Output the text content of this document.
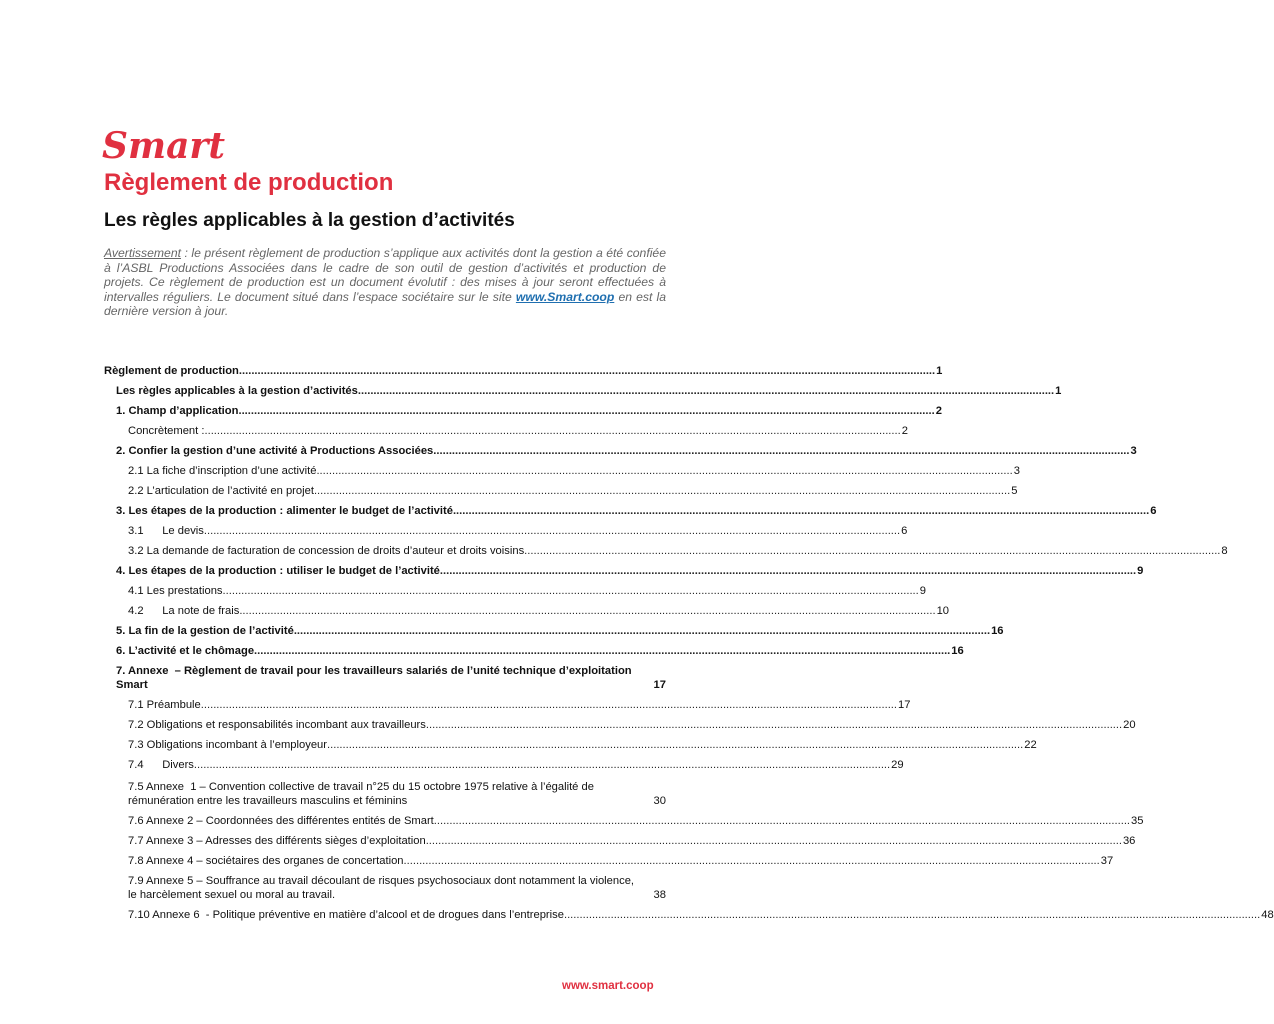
Smart
Règlement de production
Les règles applicables à la gestion d’activités

Avertissement : le présent règlement de production s’applique aux activités dont la gestion a été confiée à l’ASBL Productions Associées dans le cadre de son outil de gestion d’activités et production de projets. Ce règlement de production est un document évolutif : des mises à jour seront effectuées à intervalles réguliers. Le document situé dans l’espace sociétaire sur le site www.Smart.coop en est la dernière version à jour.

Règlement de production ................................................................................................................................................................................................................................ 1
Les règles applicables à la gestion d’activités ................................................................................................................................................................................................................................ 1
1. Champ d’application ................................................................................................................................................................................................................................ 2
Concrètement : ................................................................................................................................................................................................................................ 2
2. Confier la gestion d’une activité à Productions Associées ................................................................................................................................................................................................................................ 3
2.1 La fiche d’inscription d’une activité ................................................................................................................................................................................................................................ 3
2.2 L’articulation de l’activité en projet ................................................................................................................................................................................................................................ 5
3. Les étapes de la production : alimenter le budget de l’activité ................................................................................................................................................................................................................................ 6
3.1      Le devis ................................................................................................................................................................................................................................ 6
3.2 La demande de facturation de concession de droits d’auteur et droits voisins ................................................................................................................................................................................................................................ 8
4. Les étapes de la production : utiliser le budget de l’activité ................................................................................................................................................................................................................................ 9
4.1 Les prestations ................................................................................................................................................................................................................................ 9
4.2      La note de frais ................................................................................................................................................................................................................................ 10
5. La fin de la gestion de l’activité ................................................................................................................................................................................................................................ 16
6. L’activité et le chômage ................................................................................................................................................................................................................................ 16
7. Annexe  – Règlement de travail pour les travailleurs salariés de l’unité technique d’exploitation Smart	17
7.1 Préambule ................................................................................................................................................................................................................................ 17
7.2 Obligations et responsabilités incombant aux travailleurs ................................................................................................................................................................................................................................ 20
7.3 Obligations incombant à l’employeur ................................................................................................................................................................................................................................ 22
7.4      Divers ................................................................................................................................................................................................................................ 29
7.5 Annexe  1 – Convention collective de travail n°25 du 15 octobre 1975 relative à l’égalité de rémunération entre les travailleurs masculins et féminins	30
7.6 Annexe 2 – Coordonnées des différentes entités de Smart ................................................................................................................................................................................................................................ 35
7.7 Annexe 3 – Adresses des différents sièges d’exploitation ................................................................................................................................................................................................................................ 36
7.8 Annexe 4 – sociétaires des organes de concertation ................................................................................................................................................................................................................................ 37
7.9 Annexe 5 – Souffrance au travail découlant de risques psychosociaux dont notamment la violence, le harcèlement sexuel ou moral au travail.	38
7.10 Annexe 6  - Politique préventive en matière d’alcool et de drogues dans l’entreprise ................................................................................................................................................................................................................................ 48
www.smart.coop
